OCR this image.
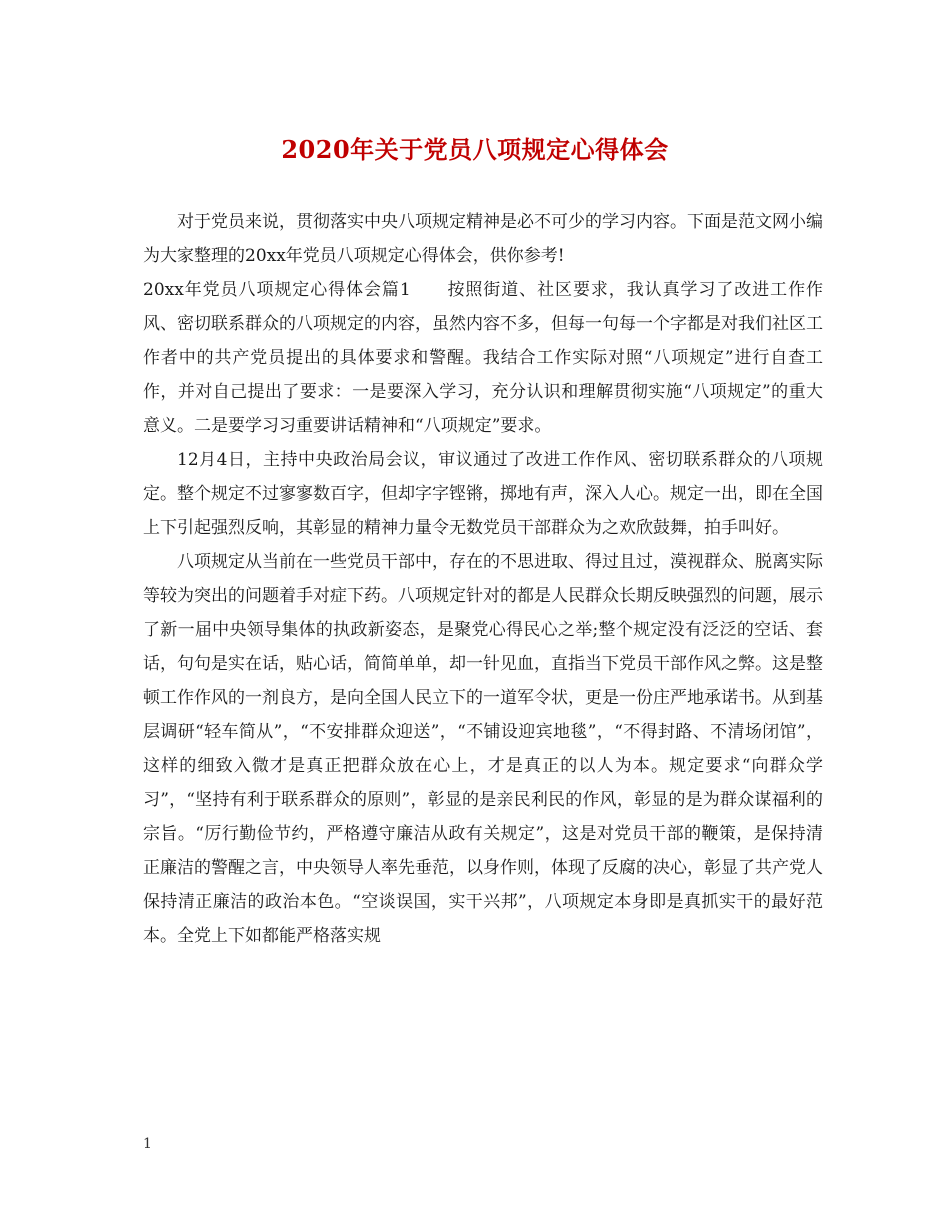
2020年关于党员八项规定心得体会

对于党员来说，贯彻落实中央八项规定精神是必不可少的学习内容。下面是范文网小编为大家整理的20xx年党员八项规定心得体会，供你参考!

20xx年党员八项规定心得体会篇1　　按照街道、社区要求，我认真学习了改进工作作风、密切联系群众的八项规定的内容，虽然内容不多，但每一句每一个字都是对我们社区工作者中的共产党员提出的具体要求和警醒。我结合工作实际对照“八项规定”进行自查工作，并对自己提出了要求：一是要深入学习，充分认识和理解贯彻实施“八项规定”的重大意义。二是要学习习重要讲话精神和“八项规定”要求。

12月4日，主持中央政治局会议，审议通过了改进工作作风、密切联系群众的八项规定。整个规定不过寥寥数百字，但却字字铿锵，掷地有声，深入人心。规定一出，即在全国上下引起强烈反响，其彰显的精神力量令无数党员干部群众为之欢欣鼓舞，拍手叫好。

八项规定从当前在一些党员干部中，存在的不思进取、得过且过，漠视群众、脱离实际等较为突出的问题着手对症下药。八项规定针对的都是人民群众长期反映强烈的问题，展示了新一届中央领导集体的执政新姿态，是聚党心得民心之举;整个规定没有泛泛的空话、套话，句句是实在话，贴心话，简简单单，却一针见血，直指当下党员干部作风之弊。这是整顿工作作风的一剂良方，是向全国人民立下的一道军令状，更是一份庄严地承诺书。从到基层调研“轻车简从”，“不安排群众迎送”，“不铺设迎宾地毯”，“不得封路、不清场闭馆”，这样的细致入微才是真正把群众放在心上，才是真正的以人为本。规定要求“向群众学习”，“坚持有利于联系群众的原则”，彰显的是亲民利民的作风，彰显的是为群众谋福利的宗旨。“厉行勤俭节约，严格遵守廉洁从政有关规定”，这是对党员干部的鞭策，是保持清正廉洁的警醒之言，中央领导人率先垂范，以身作则，体现了反腐的决心，彰显了共产党人保持清正廉洁的政治本色。“空谈误国，实干兴邦”，八项规定本身即是真抓实干的最好范本。全党上下如都能严格落实规

1
